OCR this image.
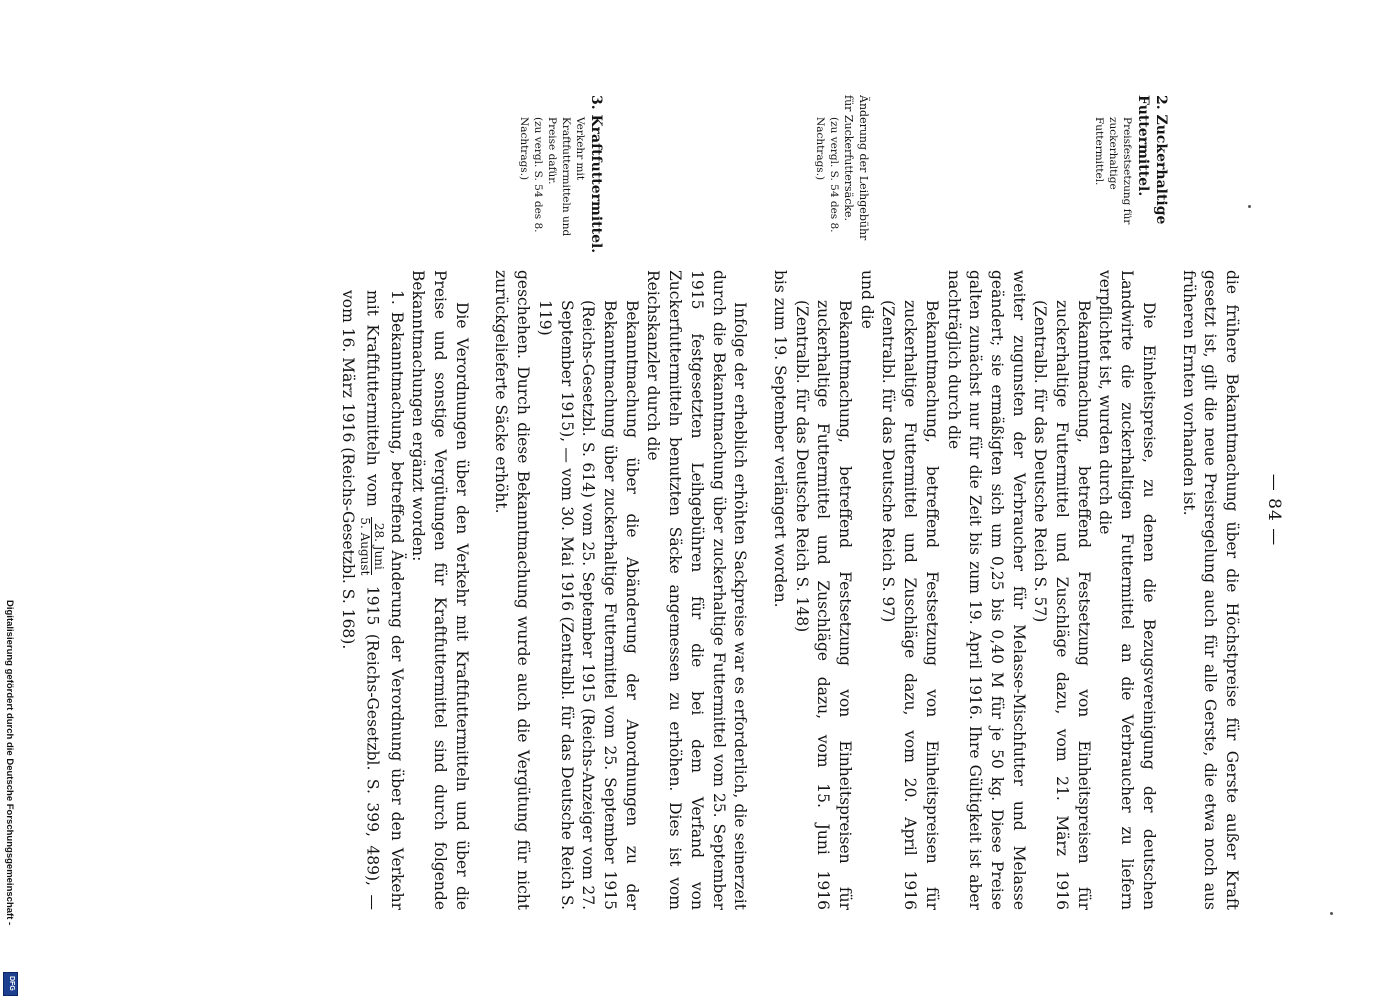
Digitalisierung gefördert durch die Deutsche Forschungsgemeinschaft -
DFG
— 84 —

die frühere Bekanntmachung über die Höchstpreise für Gerste außer Kraft gesetzt ist, gilt die neue Preisregelung auch für alle Gerste, die etwa noch aus früheren Ernten vorhanden ist.

Die Einheitspreise, zu denen die Bezugsvereinigung der deutschen Landwirte die zuckerhaltigen Futtermittel an die Verbraucher zu liefern verpflichtet ist, wurden durch die

Bekanntmachung, betreffend Festsetzung von Einheitspreisen für zuckerhaltige Futtermittel und Zuschläge dazu, vom 21. März 1916 (Zentralbl. für das Deutsche Reich S. 57)

weiter zugunsten der Verbraucher für Melasse-Mischfutter und Melasse geändert; sie ermäßigten sich um 0,25 bis 0,40 M für je 50 kg. Diese Preise galten zunächst nur für die Zeit bis zum 19. April 1916. Ihre Gültigkeit ist aber nachträglich durch die

Bekanntmachung, betreffend Festsetzung von Einheitspreisen für zuckerhaltige Futtermittel und Zuschläge dazu, vom 20. April 1916 (Zentralbl. für das Deutsche Reich S. 97)

und die

Bekanntmachung, betreffend Festsetzung von Einheitspreisen für zuckerhaltige Futtermittel und Zuschläge dazu, vom 15. Juni 1916 (Zentralbl. für das Deutsche Reich S. 148)

bis zum 19. September verlängert worden.

Infolge der erheblich erhöhten Sackpreise war es erforderlich, die seinerzeit durch die Bekanntmachung über zuckerhaltige Futtermittel vom 25. September 1915 festgesetzten Leihgebühren für die bei dem Verfand von Zuckerfuttermitteln benutzten Säcke angemessen zu erhöhen. Dies ist vom Reichskanzler durch die

Bekanntmachung über die Abänderung der Anordnungen zu der Bekanntmachung über zuckerhaltige Futtermittel vom 25. September 1915 (Reichs-Gesetzbl. S. 614) vom 25. September 1915 (Reichs-Anzeiger vom 27. September 1915), — vom 30. Mai 1916 (Zentralbl. für das Deutsche Reich S. 119)

geschehen. Durch diese Bekanntmachung wurde auch die Vergütung für nicht zurückgelieferte Säcke erhöht.

Die Verordnungen über den Verkehr mit Kraftfuttermitteln und über die Preise und sonstige Vergütungen für Kraftfuttermittel sind durch folgende Bekanntmachungen ergänzt worden:

1. Bekanntmachung, betreffend Änderung der Verordnung über den Verkehr mit Kraftfuttermitteln vom
28. Juni
5. August
1915 (Reichs-Gesetzbl. S. 399, 489), — vom 16. März 1916 (Reichs-Gesetzbl. S. 168).

2. Zuckerhaltige Futtermittel.
Preisfestsetzung für zuckerhaltige Futtermittel.
Änderung der Leihgebühr für Zuckerfuttersäcke.
(zu vergl. S. 54 des 8. Nachtrags.)
3. Kraftfuttermittel.
Verkehr mit Kraftfuttermitteln und Preise dafür.
(zu vergl. S. 54 des 8. Nachtrags.)
